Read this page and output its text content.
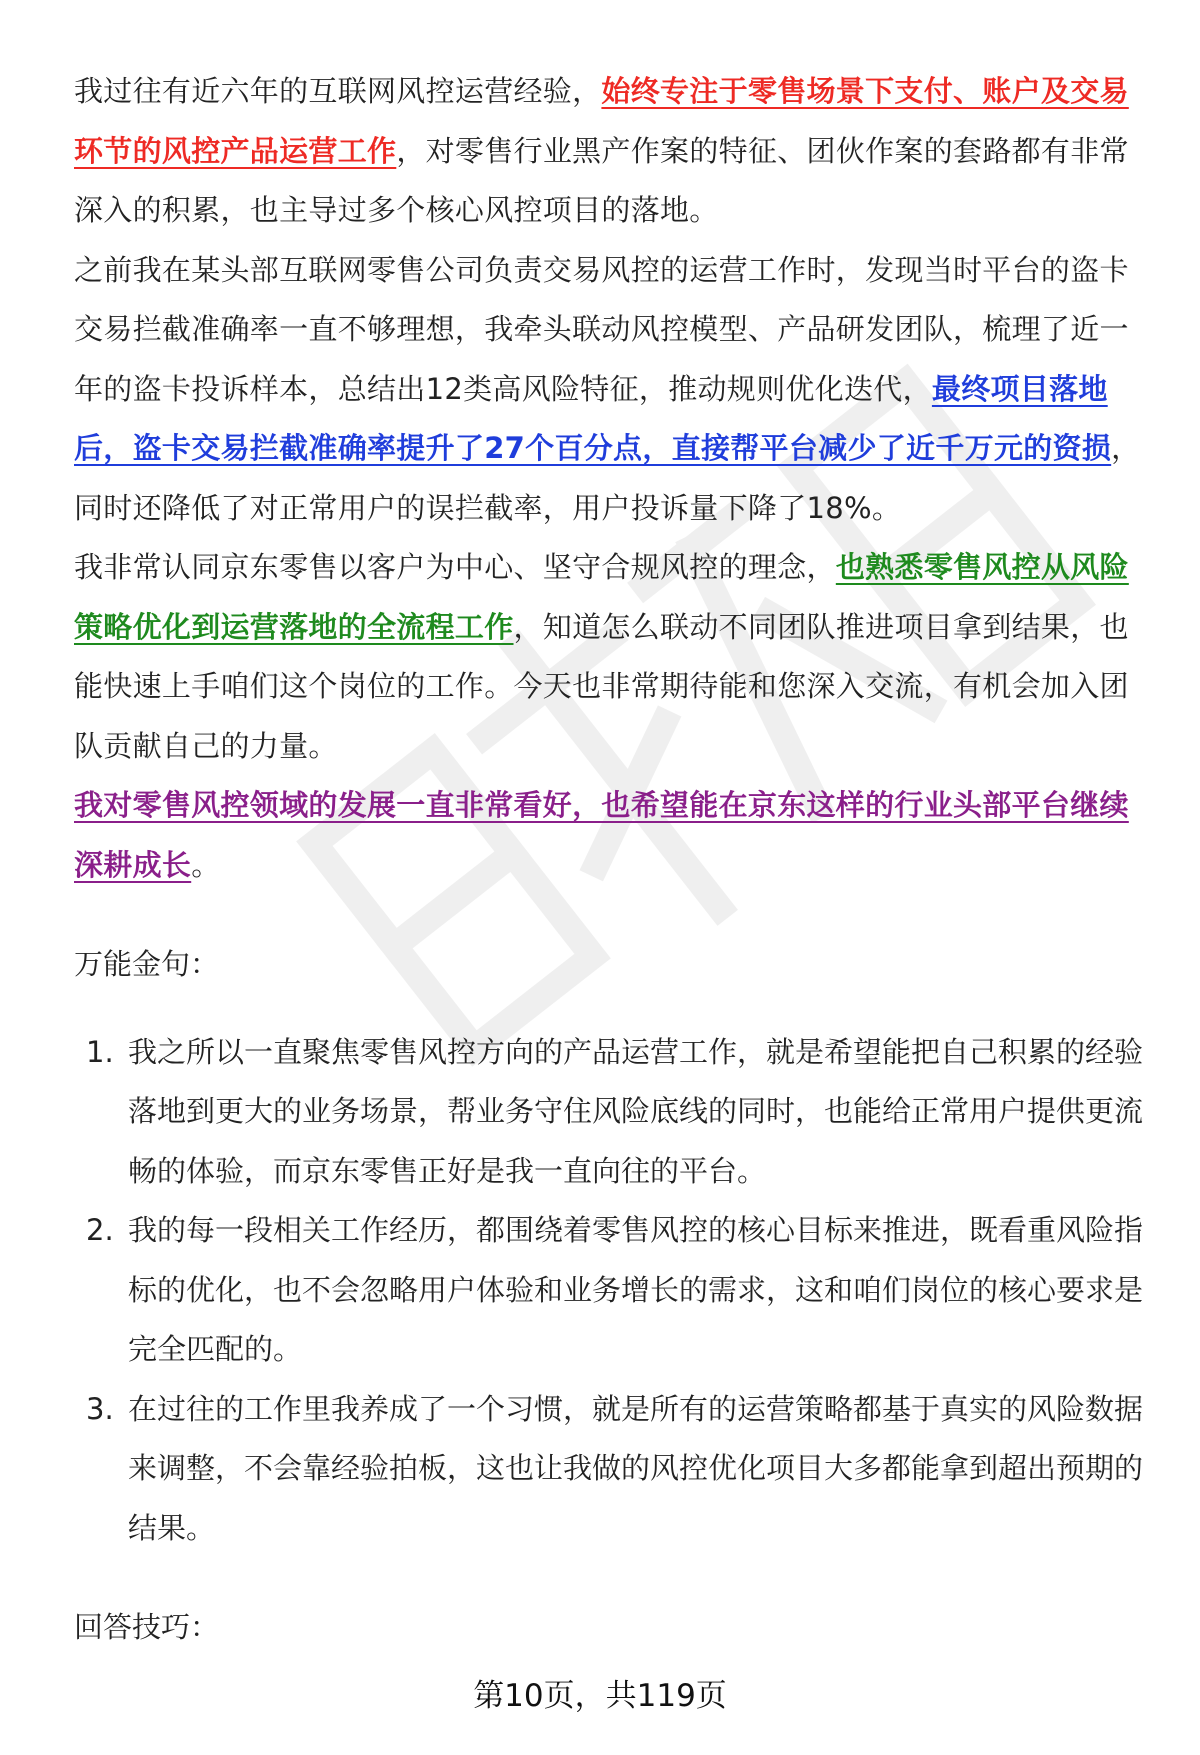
我过往有近六年的互联网风控运营经验，始终专注于零售场景下支付、账户及交易环节的风控产品运营工作，对零售行业黑产作案的特征、团伙作案的套路都有非常深入的积累，也主导过多个核心风控项目的落地。

之前我在某头部互联网零售公司负责交易风控的运营工作时，发现当时平台的盗卡交易拦截准确率一直不够理想，我牵头联动风控模型、产品研发团队，梳理了近一年的盗卡投诉样本，总结出12类高风险特征，推动规则优化迭代，最终项目落地后，盗卡交易拦截准确率提升了27个百分点，直接帮平台减少了近千万元的资损，同时还降低了对正常用户的误拦截率，用户投诉量下降了18%。

我非常认同京东零售以客户为中心、坚守合规风控的理念，也熟悉零售风控从风险策略优化到运营落地的全流程工作，知道怎么联动不同团队推进项目拿到结果，也能快速上手咱们这个岗位的工作。今天也非常期待能和您深入交流，有机会加入团队贡献自己的力量。

我对零售风控领域的发展一直非常看好，也希望能在京东这样的行业头部平台继续深耕成长。

万能金句：

1. 我之所以一直聚焦零售风控方向的产品运营工作，就是希望能把自己积累的经验落地到更大的业务场景，帮业务守住风险底线的同时，也能给正常用户提供更流畅的体验，而京东零售正好是我一直向往的平台。
2. 我的每一段相关工作经历，都围绕着零售风控的核心目标来推进，既看重风险指标的优化，也不会忽略用户体验和业务增长的需求，这和咱们岗位的核心要求是完全匹配的。
3. 在过往的工作里我养成了一个习惯，就是所有的运营策略都基于真实的风险数据来调整，不会靠经验拍板，这也让我做的风控优化项目大多都能拿到超出预期的结果。

回答技巧：

第10页，共119页
